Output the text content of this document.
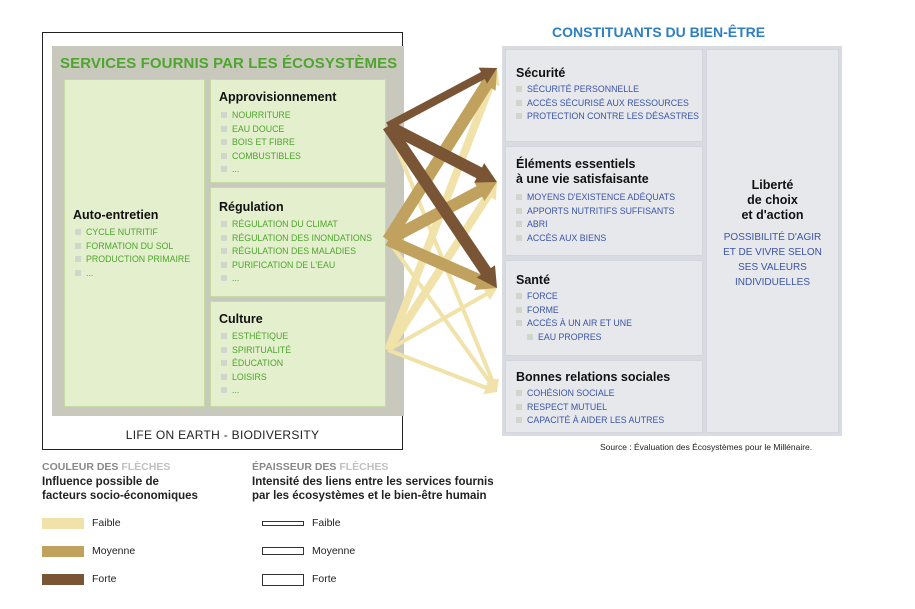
SERVICES FOURNIS PAR LES ÉCOSYSTÈMES
Auto-entretien
CYCLE NUTRITIF
FORMATION DU SOL
PRODUCTION PRIMAIRE
...
Approvisionnement
NOURRITURE
EAU DOUCE
BOIS ET FIBRE
COMBUSTIBLES
...
Régulation
RÉGULATION DU CLIMAT
RÉGULATION DES INONDATIONS
RÉGULATION DES MALADIES
PURIFICATION DE L'EAU
...
Culture
ESTHÉTIQUE
SPIRITUALITÉ
ÉDUCATION
LOISIRS
...
LIFE ON EARTH - BIODIVERSITY
CONSTITUANTS DU BIEN-ÊTRE
Sécurité
SÉCURITÉ PERSONNELLE
ACCÈS SÉCURISÉ AUX RESSOURCES
PROTECTION CONTRE LES DÉSASTRES
Éléments essentiels
à une vie satisfaisante
MOYENS D'EXISTENCE ADÉQUATS
APPORTS NUTRITIFS SUFFISANTS
ABRI
ACCÈS AUX BIENS
Santé
FORCE
FORME
ACCÈS À UN AIR ET UNE
EAU PROPRES
Bonnes relations sociales
COHÉSION SOCIALE
RESPECT MUTUEL
CAPACITÉ À AIDER LES AUTRES
Liberté
de choix
et d'action
POSSIBILITÉ D'AGIR
ET DE VIVRE SELON
SES VALEURS
INDIVIDUELLES
Source : Évaluation des Écosystèmes pour le Millénaire.
COULEUR DES FLÈCHES
Influence possible de
facteurs socio-économiques
Faible
Moyenne
Forte
ÉPAISSEUR DES FLÈCHES
Intensité des liens entre les services fournis
par les écosystèmes et le bien-être humain
Faible
Moyenne
Forte
